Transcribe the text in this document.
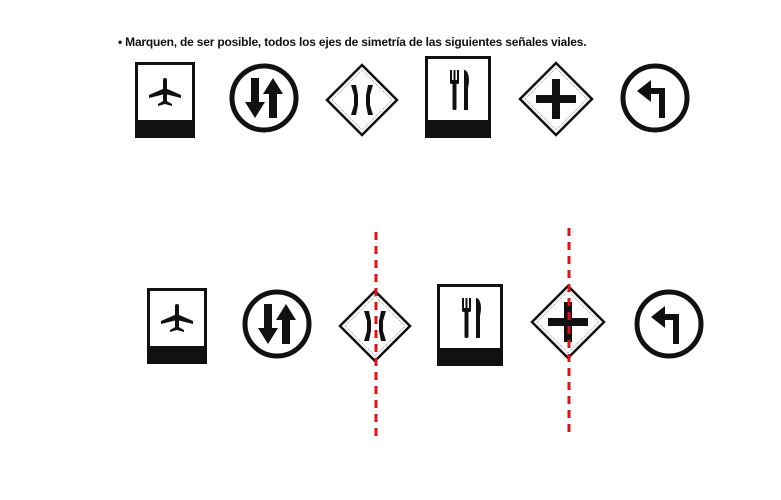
• Marquen, de ser posible, todos los ejes de simetría de las siguientes señales viales.
